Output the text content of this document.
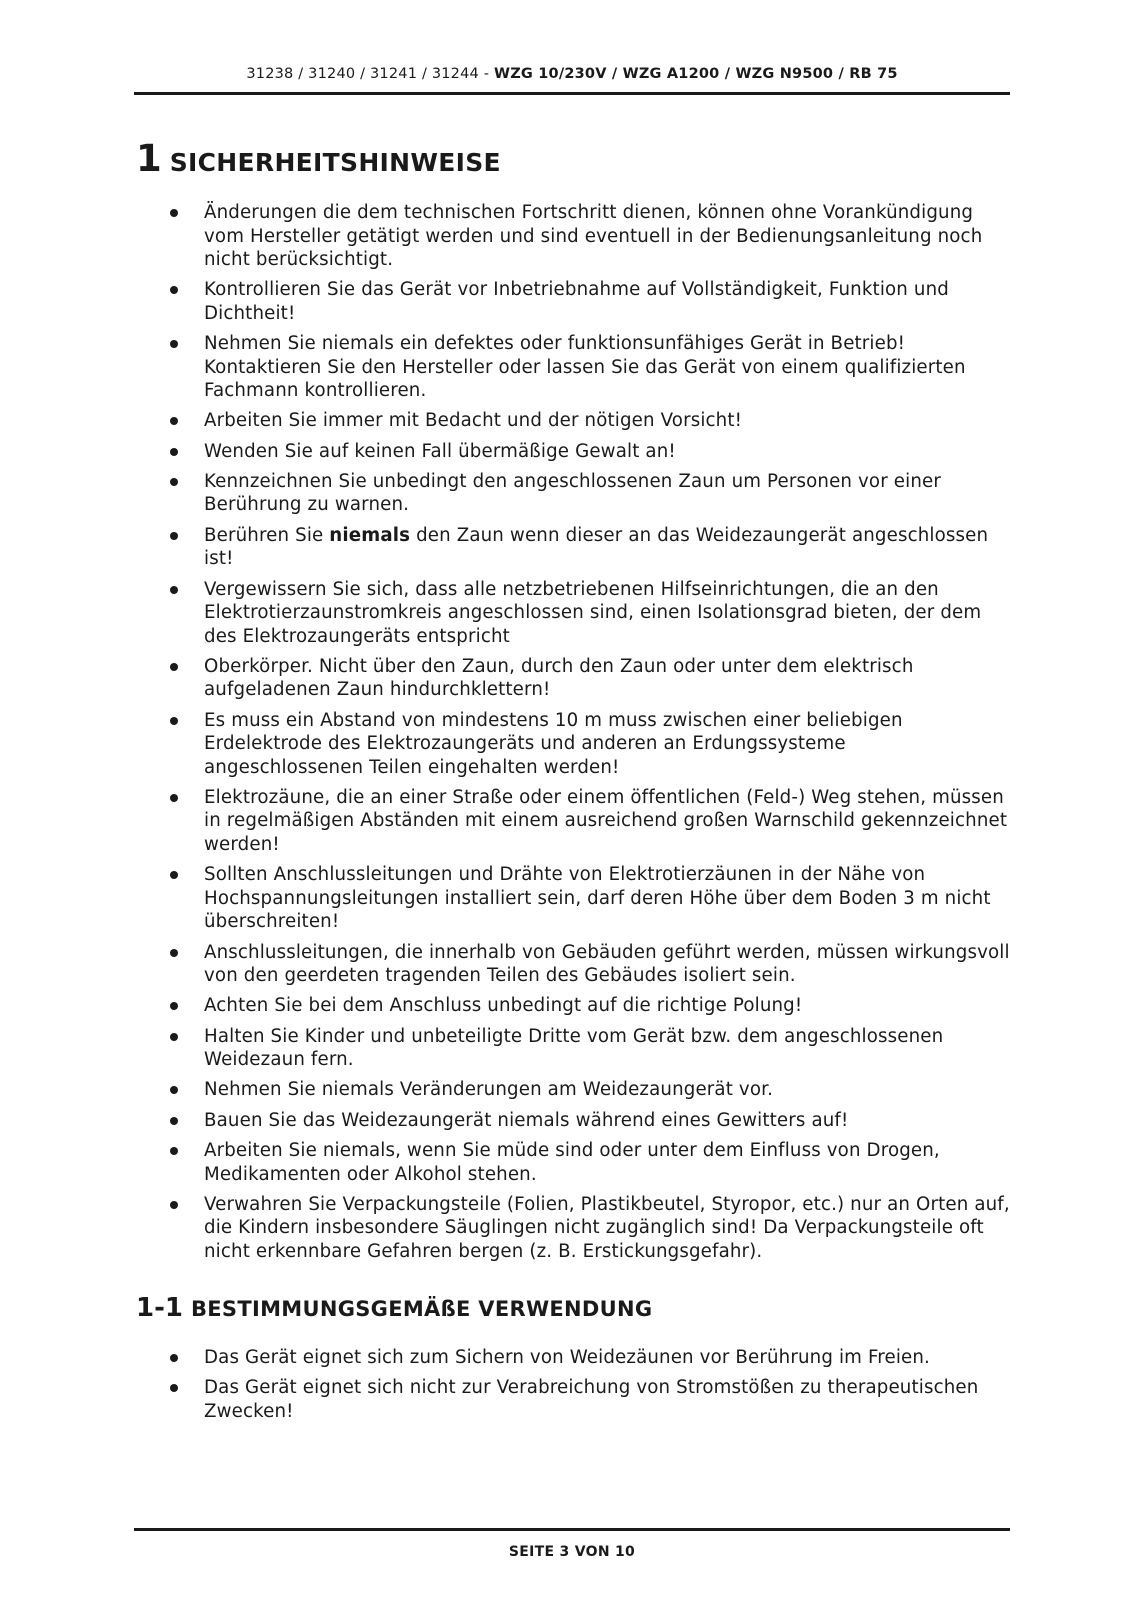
31238 / 31240 / 31241 / 31244 - WZG 10/230V / WZG A1200 / WZG N9500 / RB 75
1 SICHERHEITSHINWEISE
Änderungen die dem technischen Fortschritt dienen, können ohne Vorankündigung vom Hersteller getätigt werden und sind eventuell in der Bedienungsanleitung noch nicht berücksichtigt.
Kontrollieren Sie das Gerät vor Inbetriebnahme auf Vollständigkeit, Funktion und Dichtheit!
Nehmen Sie niemals ein defektes oder funktionsunfähiges Gerät in Betrieb! Kontaktieren Sie den Hersteller oder lassen Sie das Gerät von einem qualifizierten Fachmann kontrollieren.
Arbeiten Sie immer mit Bedacht und der nötigen Vorsicht!
Wenden Sie auf keinen Fall übermäßige Gewalt an!
Kennzeichnen Sie unbedingt den angeschlossenen Zaun um Personen vor einer Berührung zu warnen.
Berühren Sie niemals den Zaun wenn dieser an das Weidezaungerät angeschlossen ist!
Vergewissern Sie sich, dass alle netzbetriebenen Hilfseinrichtungen, die an den Elektrotierzaunstromkreis angeschlossen sind, einen Isolationsgrad bieten, der dem des Elektrozaungeräts entspricht
Oberkörper. Nicht über den Zaun, durch den Zaun oder unter dem elektrisch aufgeladenen Zaun hindurchklettern!
Es muss ein Abstand von mindestens 10 m muss zwischen einer beliebigen Erdelektrode des Elektrozaungeräts und anderen an Erdungssysteme angeschlossenen Teilen eingehalten werden!
Elektrozäune, die an einer Straße oder einem öffentlichen (Feld-) Weg stehen, müssen in regelmäßigen Abständen mit einem ausreichend großen Warnschild gekennzeichnet werden!
Sollten Anschlussleitungen und Drähte von Elektrotierzäunen in der Nähe von Hochspannungsleitungen installiert sein, darf deren Höhe über dem Boden 3 m nicht überschreiten!
Anschlussleitungen, die innerhalb von Gebäuden geführt werden, müssen wirkungsvoll von den geerdeten tragenden Teilen des Gebäudes isoliert sein.
Achten Sie bei dem Anschluss unbedingt auf die richtige Polung!
Halten Sie Kinder und unbeteiligte Dritte vom Gerät bzw. dem angeschlossenen Weidezaun fern.
Nehmen Sie niemals Veränderungen am Weidezaungerät vor.
Bauen Sie das Weidezaungerät niemals während eines Gewitters auf!
Arbeiten Sie niemals, wenn Sie müde sind oder unter dem Einfluss von Drogen, Medikamenten oder Alkohol stehen.
Verwahren Sie Verpackungsteile (Folien, Plastikbeutel, Styropor, etc.) nur an Orten auf, die Kindern insbesondere Säuglingen nicht zugänglich sind! Da Verpackungsteile oft nicht erkennbare Gefahren bergen (z. B. Erstickungsgefahr).
1-1 BESTIMMUNGSGEMÄßE VERWENDUNG
Das Gerät eignet sich zum Sichern von Weidezäunen vor Berührung im Freien.
Das Gerät eignet sich nicht zur Verabreichung von Stromstößen zu therapeutischen Zwecken!
SEITE 3 VON 10
